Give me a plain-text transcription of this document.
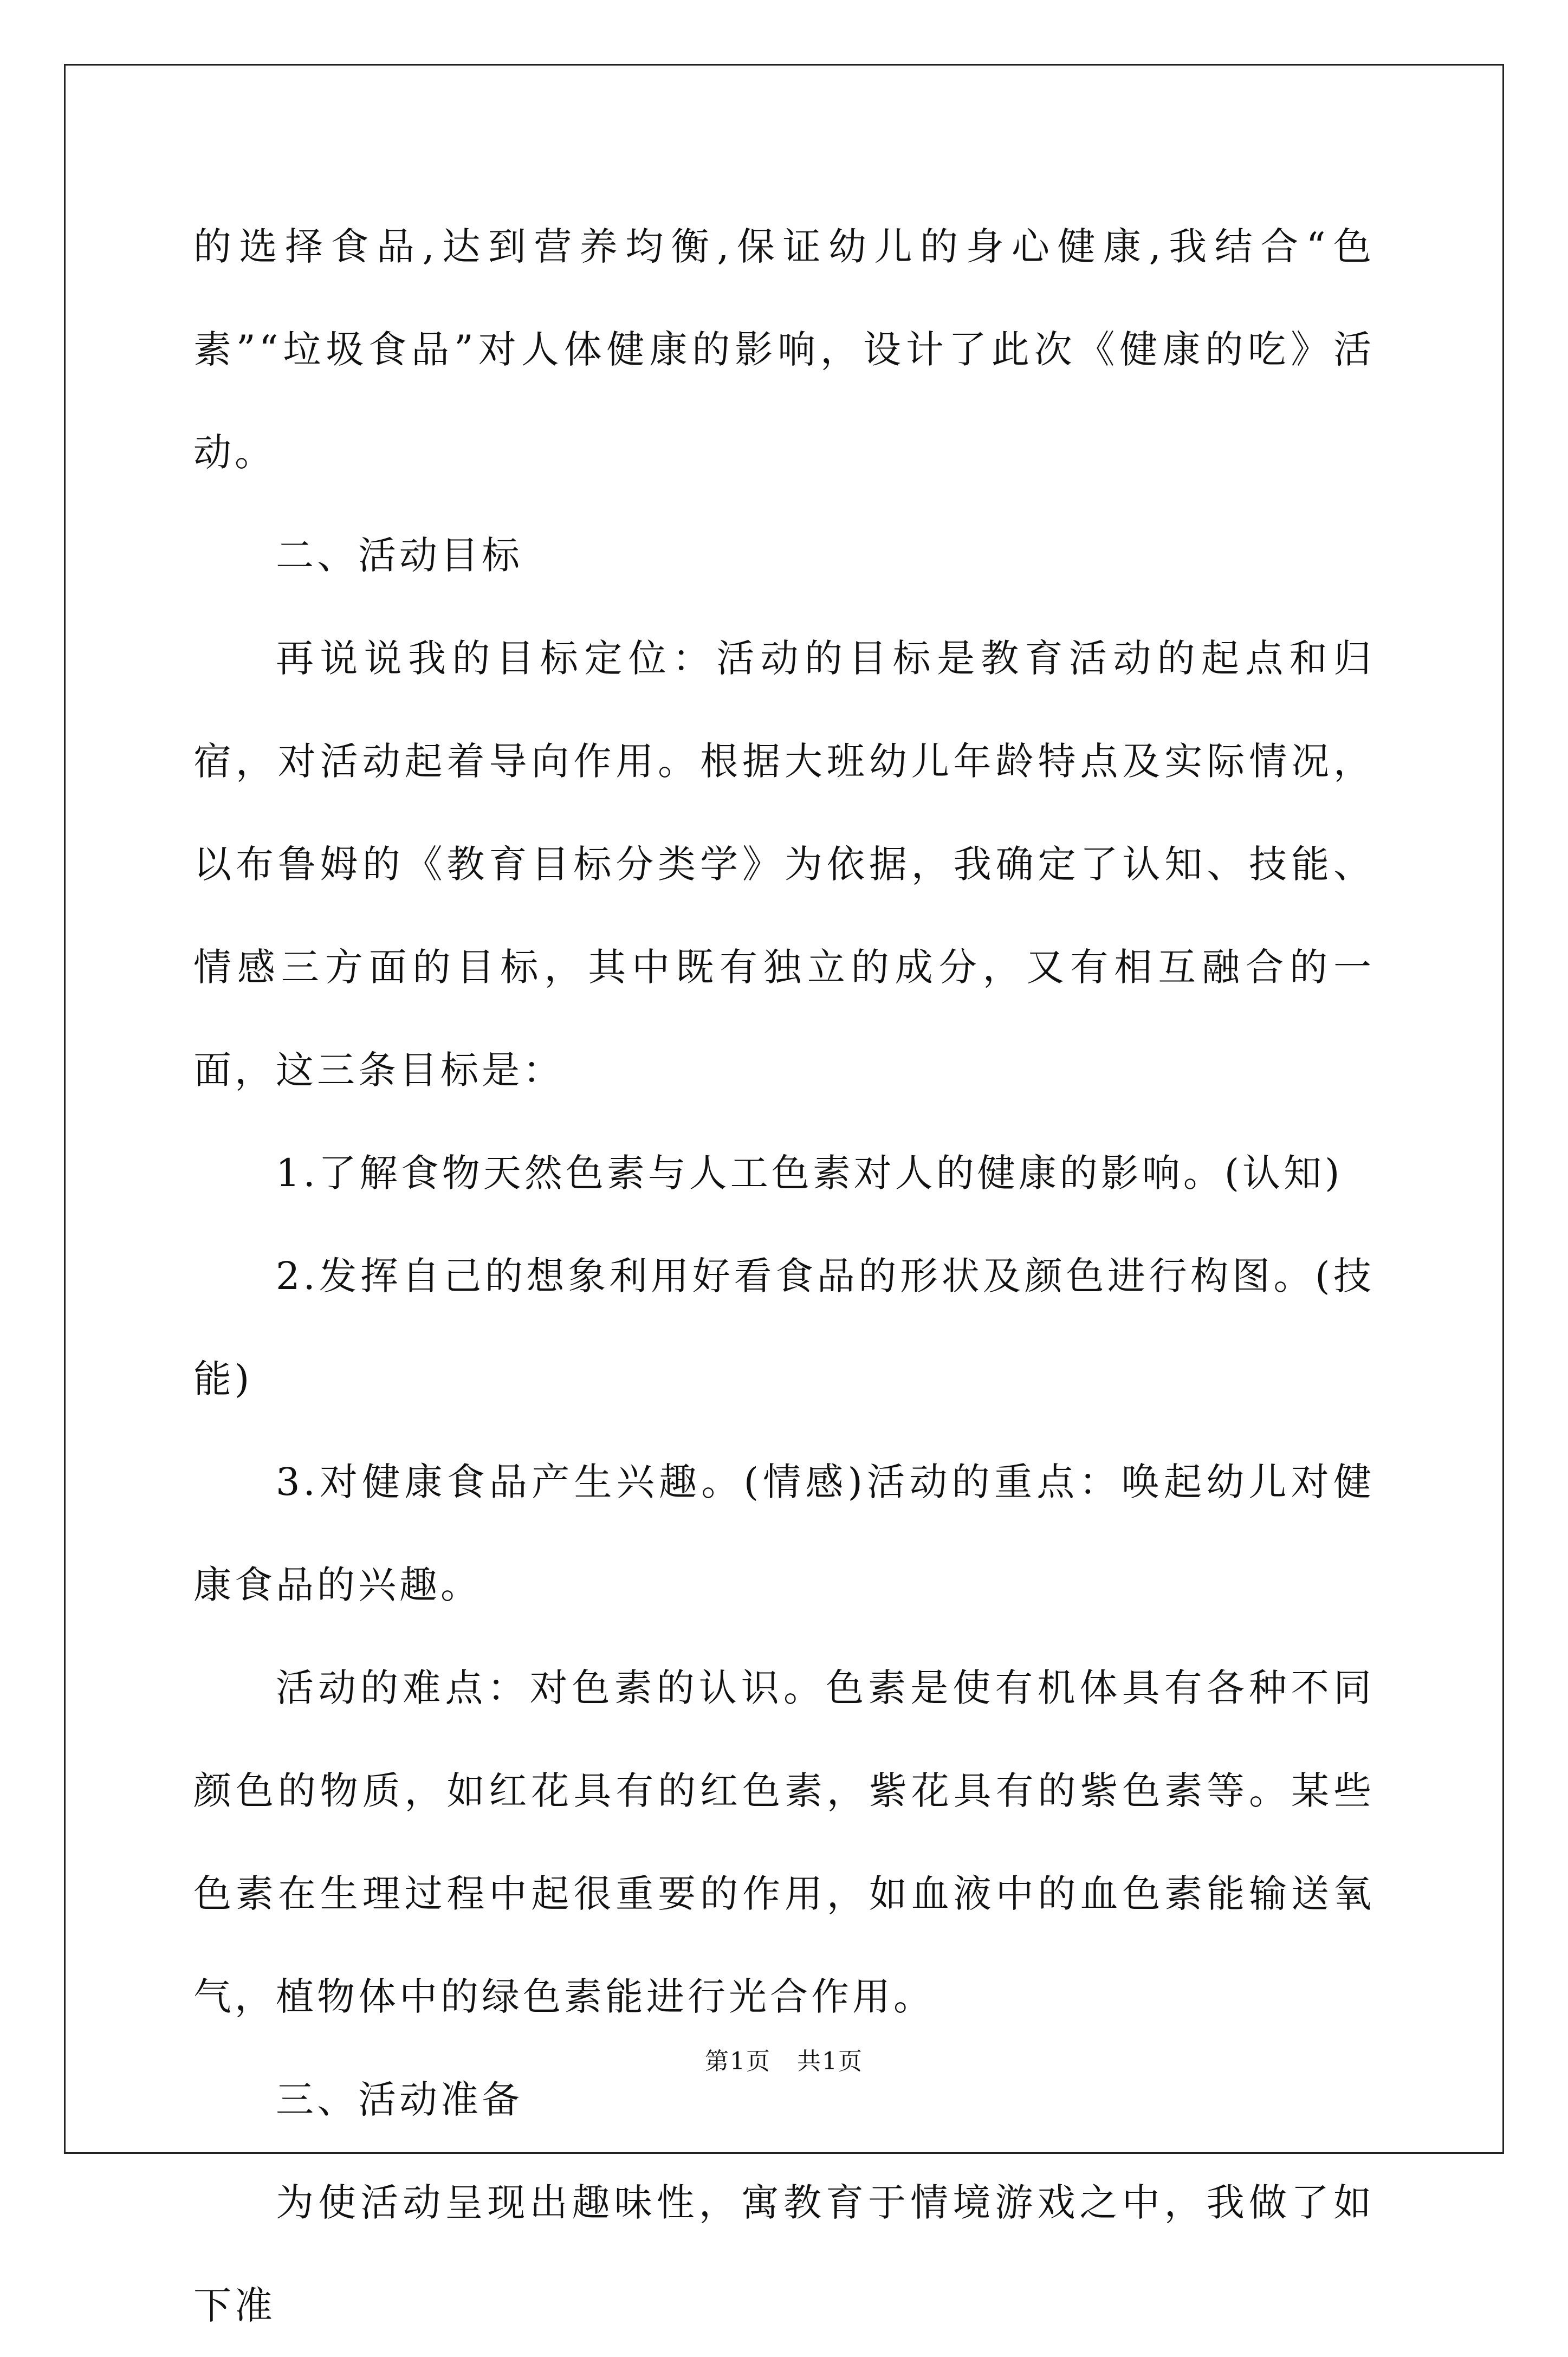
的选择食品,达到营养均衡,保证幼儿的身心健康,我结合“色素”“垃圾食品”对人体健康的影响，设计了此次《健康的吃》活动。

二、活动目标

再说说我的目标定位：活动的目标是教育活动的起点和归宿，对活动起着导向作用。根据大班幼儿年龄特点及实际情况，以布鲁姆的《教育目标分类学》为依据，我确定了认知、技能、情感三方面的目标，其中既有独立的成分，又有相互融合的一面，这三条目标是：

1.了解食物天然色素与人工色素对人的健康的影响。(认知)

2.发挥自己的想象利用好看食品的形状及颜色进行构图。(技能)

3.对健康食品产生兴趣。(情感)活动的重点：唤起幼儿对健康食品的兴趣。

活动的难点：对色素的认识。色素是使有机体具有各种不同颜色的物质，如红花具有的红色素，紫花具有的紫色素等。某些色素在生理过程中起很重要的作用，如血液中的血色素能输送氧气，植物体中的绿色素能进行光合作用。

三、活动准备

为使活动呈现出趣味性，寓教育于情境游戏之中，我做了如下准

第1页 共1页
